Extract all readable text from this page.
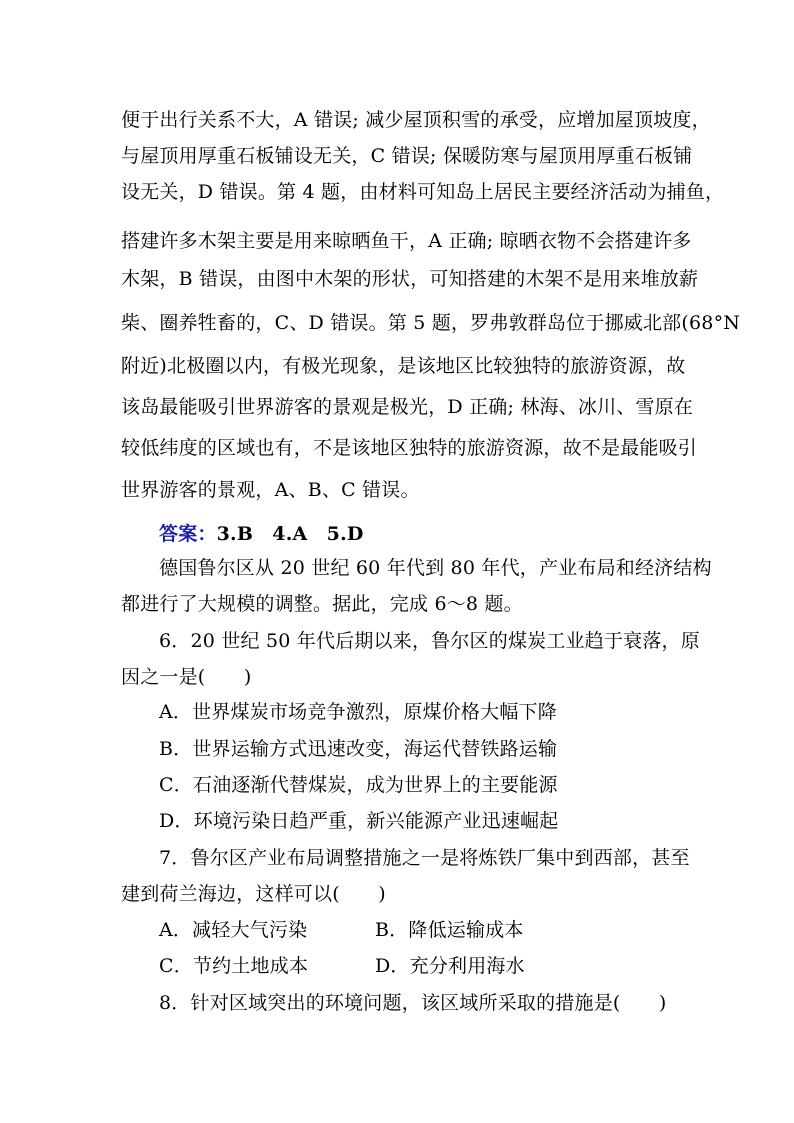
便于出行关系不大，A 错误; 减少屋顶积雪的承受，应增加屋顶坡度，
与屋顶用厚重石板铺设无关，C 错误; 保暖防寒与屋顶用厚重石板铺
设无关，D 错误。第 4 题，由材料可知岛上居民主要经济活动为捕鱼，
搭建许多木架主要是用来晾晒鱼干，A 正确; 晾晒衣物不会搭建许多
木架，B 错误，由图中木架的形状，可知搭建的木架不是用来堆放薪
柴、圈养牲畜的，C、D 错误。第 5 题，罗弗敦群岛位于挪威北部(68°N
附近)北极圈以内，有极光现象，是该地区比较独特的旅游资源，故
该岛最能吸引世界游客的景观是极光，D 正确; 林海、冰川、雪原在
较低纬度的区域也有，不是该地区独特的旅游资源，故不是最能吸引
世界游客的景观，A、B、C 错误。
答案：3.B　4.A　5.D
德国鲁尔区从 20 世纪 60 年代到 80 年代，产业布局和经济结构
都进行了大规模的调整。据此，完成 6～8 题。
6．20 世纪 50 年代后期以来，鲁尔区的煤炭工业趋于衰落，原
因之一是(　　)
A．世界煤炭市场竞争激烈，原煤价格大幅下降
B．世界运输方式迅速改变，海运代替铁路运输
C．石油逐渐代替煤炭，成为世界上的主要能源
D．环境污染日趋严重，新兴能源产业迅速崛起
7．鲁尔区产业布局调整措施之一是将炼铁厂集中到西部，甚至
建到荷兰海边，这样可以(　　)
A．减轻大气污染	B．降低运输成本
C．节约土地成本	D．充分利用海水
8．针对区域突出的环境问题，该区域所采取的措施是(　　)
